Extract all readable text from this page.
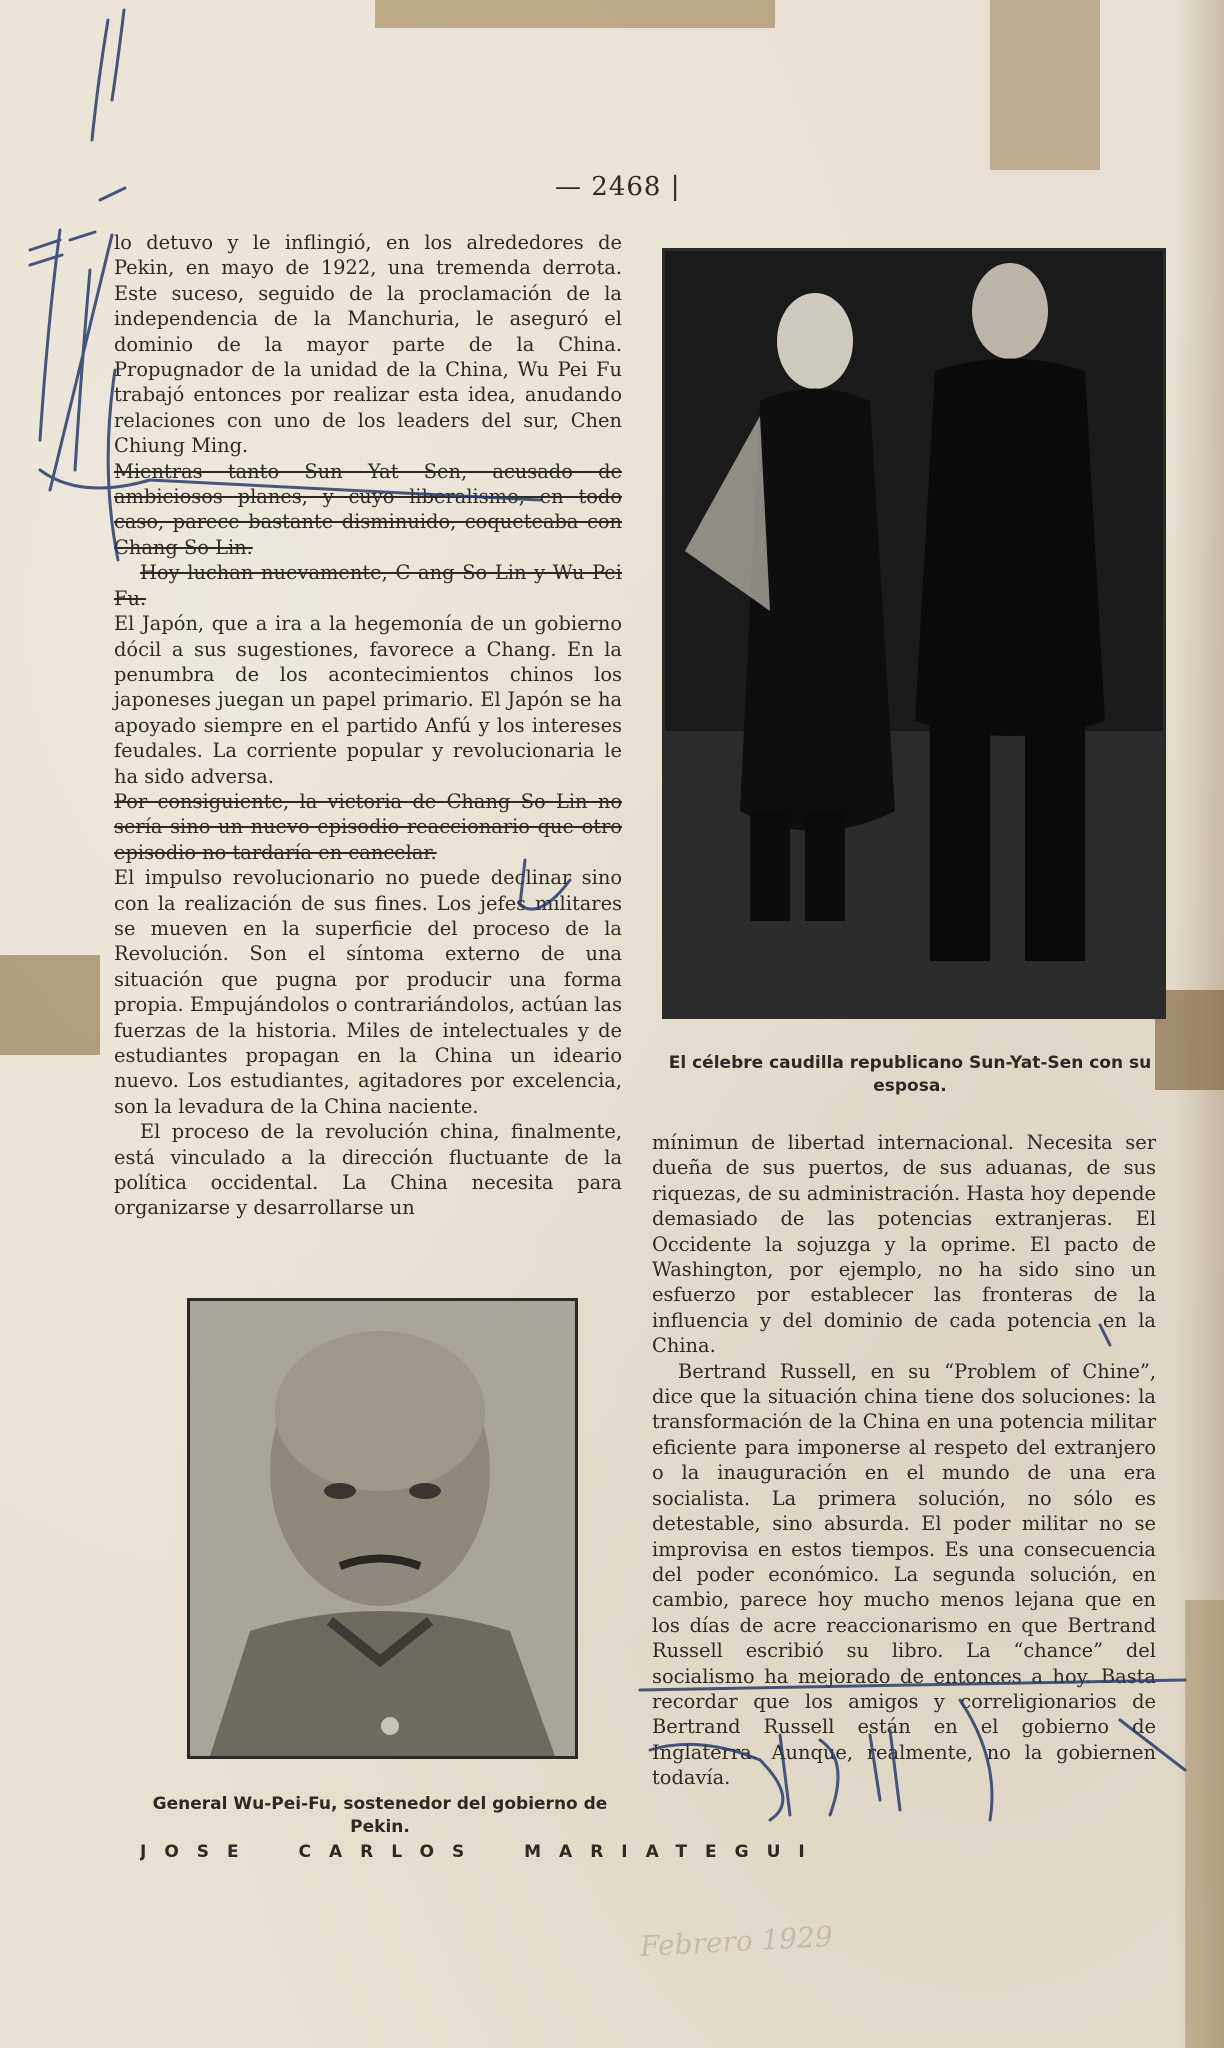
— 2468 |

lo detuvo y le inflingió, en los alrededores de Pekin, en mayo de 1922, una tremenda derrota. Este suceso, seguido de la proclamación de la independencia de la Manchuria, le aseguró el dominio de la mayor parte de la China. Propugnador de la unidad de la China, Wu Pei Fu trabajó entonces por realizar esta idea, anudando relaciones con uno de los leaders del sur, Chen Chiung Ming.

Mientras tanto Sun Yat Sen, acusado de ambiciosos planes, y cuyo liberalismo, en todo caso, parece bastante disminuido, coqueteaba con Chang So Lin.

Hoy luchan nuevamente, C ang So Lin y Wu Pei Fu.

El Japón, que a ira a la hegemonía de un gobierno dócil a sus sugestiones, favorece a Chang. En la penumbra de los acontecimientos chinos los japoneses juegan un papel primario. El Japón se ha apoyado siempre en el partido Anfú y los intereses feudales. La corriente popular y revolucionaria le ha sido adversa.

Por consiguiente, la victoria de Chang So Lin no sería sino un nuevo episodio reaccionario que otro episodio no tardaría en cancelar.

El impulso revolucionario no puede declinar sino con la realización de sus fines. Los jefes militares se mueven en la superficie del proceso de la Revolución. Son el síntoma externo de una situación que pugna por producir una forma propia. Empujándolos o contrariándolos, actúan las fuerzas de la historia. Miles de intelectuales y de estudiantes propagan en la China un ideario nuevo. Los estudiantes, agitadores por excelencia, son la levadura de la China naciente.

El proceso de la revolución china, finalmente, está vinculado a la dirección fluctuante de la política occidental. La China necesita para organizarse y desarrollarse un

El célebre caudilla republicano Sun-Yat-Sen con su esposa.

mínimun de libertad internacional. Necesita ser dueña de sus puertos, de sus aduanas, de sus riquezas, de su administración. Hasta hoy depende demasiado de las potencias extranjeras. El Occidente la sojuzga y la oprime. El pacto de Washington, por ejemplo, no ha sido sino un esfuerzo por establecer las fronteras de la influencia y del dominio de cada potencia en la China.

Bertrand Russell, en su “Problem of Chine”, dice que la situación china tiene dos soluciones: la transformación de la China en una potencia militar eficiente para imponerse al respeto del extranjero o la inauguración en el mundo de una era socialista. La primera solución, no sólo es detestable, sino absurda. El poder militar no se improvisa en estos tiempos. Es una consecuencia del poder económico. La segunda solución, en cambio, parece hoy mucho menos lejana que en los días de acre reaccionarismo en que Bertrand Russell escribió su libro. La “chance” del socialismo ha mejorado de entonces a hoy. Basta recordar que los amigos y correligionarios de Bertrand Russell están en el gobierno de Inglaterra. Aunque, realmente, no la gobiernen todavía.

General Wu-Pei-Fu, sostenedor del gobierno de Pekin.
JOSE CARLOS MARIATEGUI
Febrero 1929
